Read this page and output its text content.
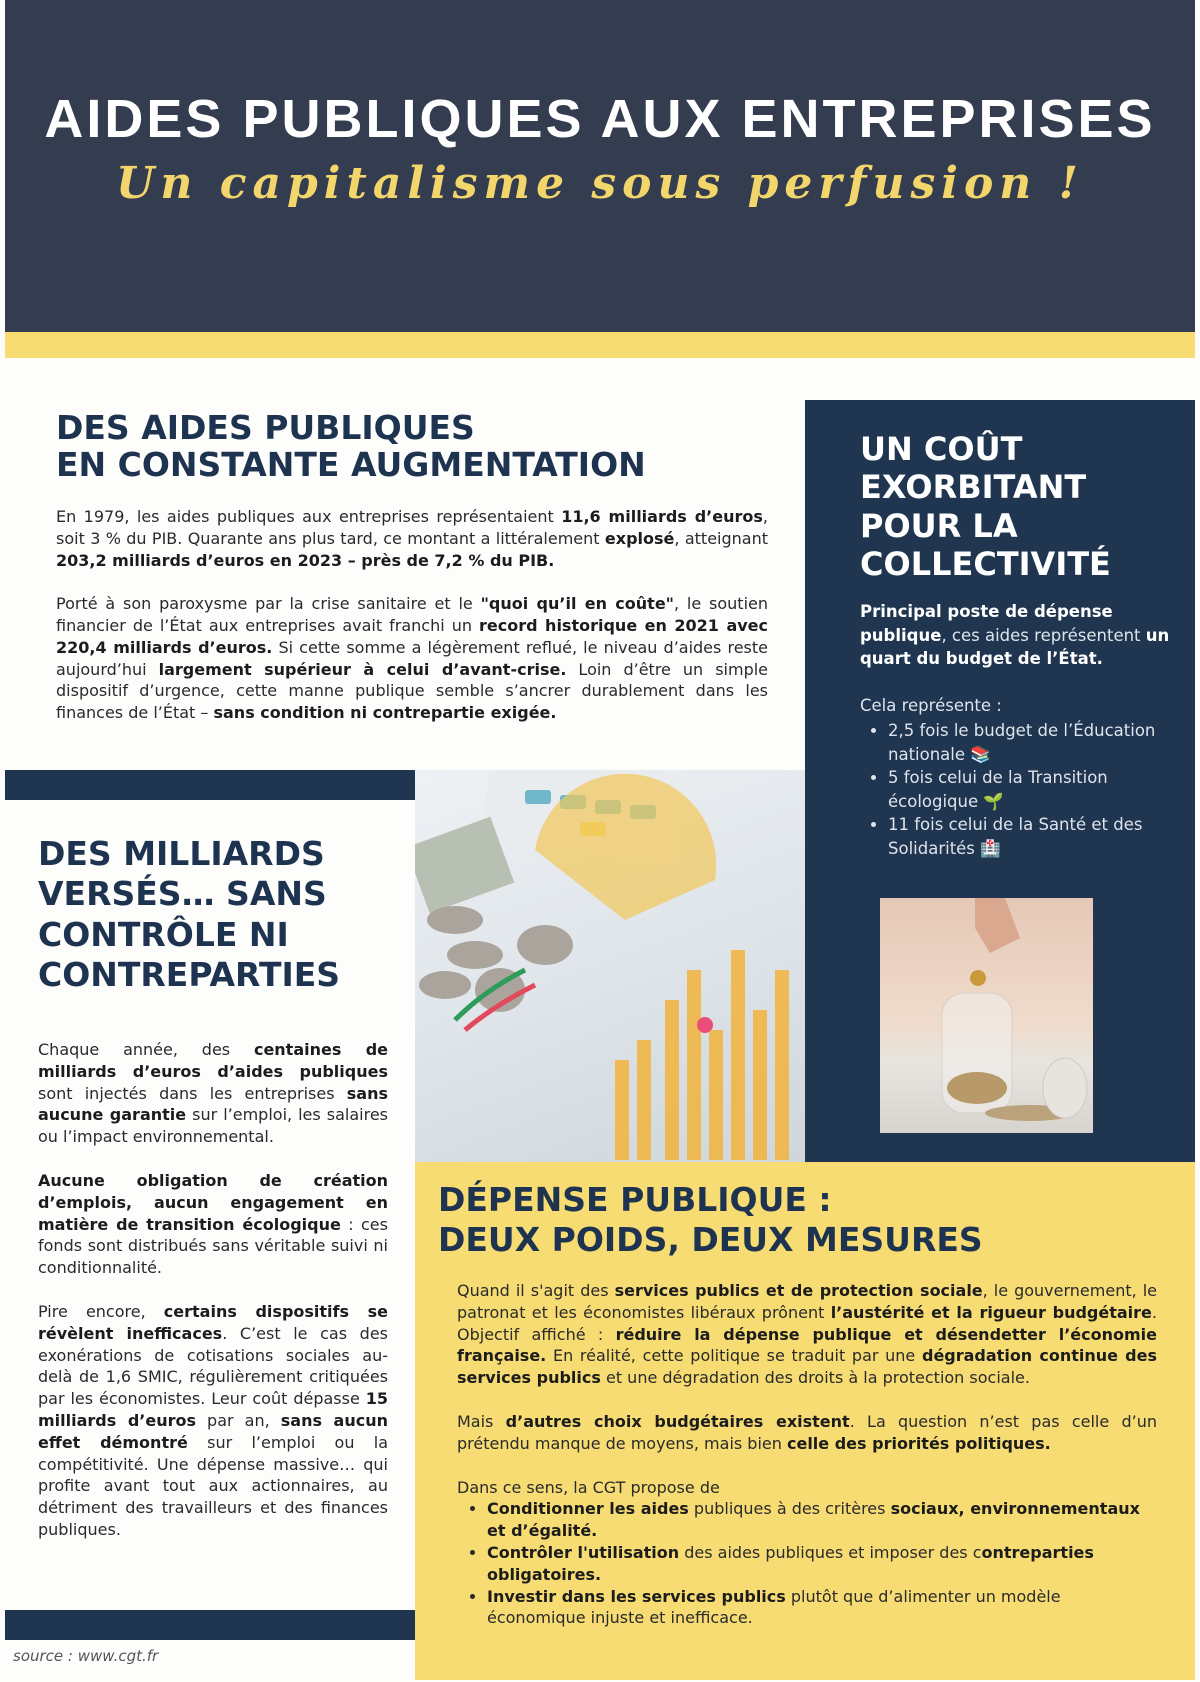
AIDES PUBLIQUES AUX ENTREPRISES
Un capitalisme sous perfusion !
DES AIDES PUBLIQUES
EN CONSTANTE AUGMENTATION

En 1979, les aides publiques aux entreprises représentaient 11,6 milliards d’euros, soit 3 % du PIB. Quarante ans plus tard, ce montant a littéralement explosé, atteignant 203,2 milliards d’euros en 2023 – près de 7,2 % du PIB.

Porté à son paroxysme par la crise sanitaire et le "quoi qu’il en coûte", le soutien financier de l’État aux entreprises avait franchi un record historique en 2021 avec 220,4 milliards d’euros. Si cette somme a légèrement reflué, le niveau d’aides reste aujourd’hui largement supérieur à celui d’avant-crise. Loin d’être un simple dispositif d’urgence, cette manne publique semble s’ancrer durablement dans les finances de l’État – sans condition ni contrepartie exigée.

UN COÛT
EXORBITANT
POUR LA
COLLECTIVITÉ

Principal poste de dépense publique, ces aides représentent un quart du budget de l’État.

Cela représente :

• 2,5 fois le budget de l’Éducation nationale 📚
• 5 fois celui de la Transition écologique 🌱
• 11 fois celui de la Santé et des Solidarités 🏥
DES MILLIARDS
VERSÉS… SANS
CONTRÔLE NI
CONTREPARTIES

Chaque année, des centaines de milliards d’euros d’aides publiques sont injectés dans les entreprises sans aucune garantie sur l’emploi, les salaires ou l’impact environnemental.

Aucune obligation de création d’emplois, aucun engagement en matière de transition écologique : ces fonds sont distribués sans véritable suivi ni conditionnalité.

Pire encore, certains dispositifs se révèlent inefficaces. C’est le cas des exonérations de cotisations sociales au-delà de 1,6 SMIC, régulièrement critiquées par les économistes. Leur coût dépasse 15 milliards d’euros par an, sans aucun effet démontré sur l’emploi ou la compétitivité. Une dépense massive… qui profite avant tout aux actionnaires, au détriment des travailleurs et des finances publiques.

source : www.cgt.fr
DÉPENSE PUBLIQUE :
DEUX POIDS, DEUX MESURES

Quand il s'agit des services publics et de protection sociale, le gouvernement, le patronat et les économistes libéraux prônent l’austérité et la rigueur budgétaire. Objectif affiché : réduire la dépense publique et désendetter l’économie française. En réalité, cette politique se traduit par une dégradation continue des services publics et une dégradation des droits à la protection sociale.

Mais d’autres choix budgétaires existent. La question n’est pas celle d’un prétendu manque de moyens, mais bien celle des priorités politiques.

Dans ce sens, la CGT propose de

• Conditionner les aides publiques à des critères sociaux, environnementaux et d’égalité.
• Contrôler l'utilisation des aides publiques et imposer des contreparties obligatoires.
• Investir dans les services publics plutôt que d’alimenter un modèle économique injuste et inefficace.
